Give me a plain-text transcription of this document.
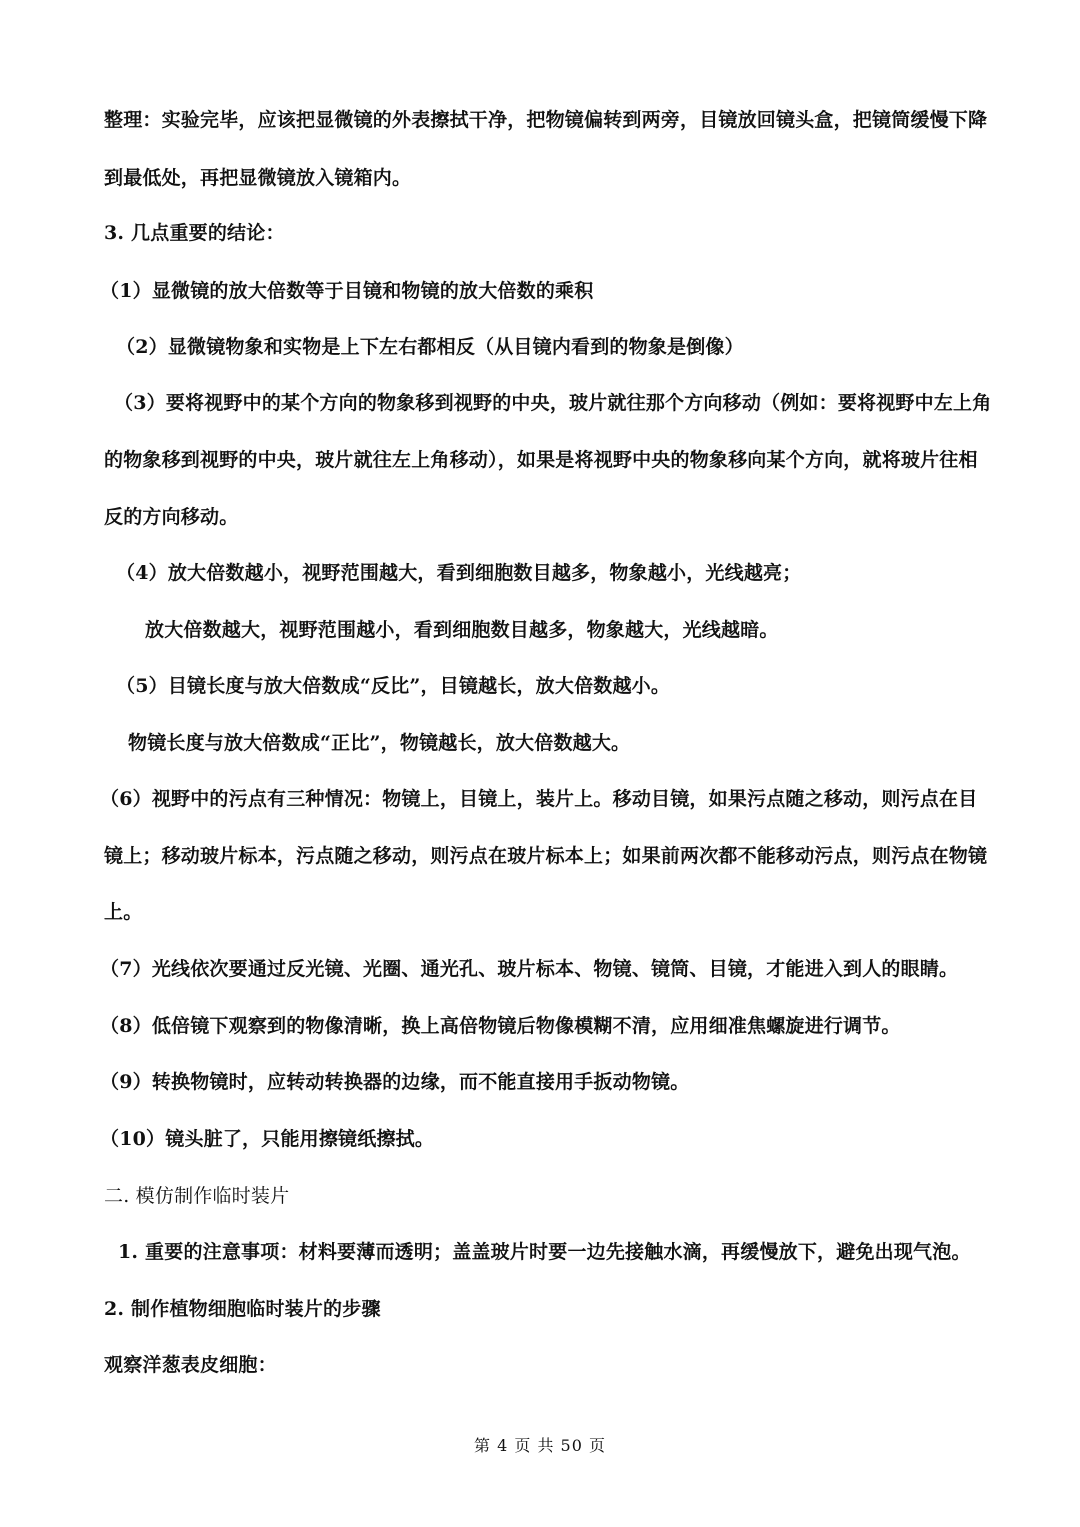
整理：实验完毕，应该把显微镜的外表擦拭干净，把物镜偏转到两旁，目镜放回镜头盒，把镜筒缓慢下降
到最低处，再把显微镜放入镜箱内。
3. 几点重要的结论：
（1）显微镜的放大倍数等于目镜和物镜的放大倍数的乘积
（2）显微镜物象和实物是上下左右都相反（从目镜内看到的物象是倒像）
（3）要将视野中的某个方向的物象移到视野的中央，玻片就往那个方向移动（例如：要将视野中左上角
的物象移到视野的中央，玻片就往左上角移动），如果是将视野中央的物象移向某个方向，就将玻片往相
反的方向移动。
（4）放大倍数越小，视野范围越大，看到细胞数目越多，物象越小，光线越亮；
放大倍数越大，视野范围越小，看到细胞数目越多，物象越大，光线越暗。
（5）目镜长度与放大倍数成“反比”，目镜越长，放大倍数越小。
物镜长度与放大倍数成“正比”，物镜越长，放大倍数越大。
（6）视野中的污点有三种情况：物镜上，目镜上，装片上。移动目镜，如果污点随之移动，则污点在目
镜上；移动玻片标本，污点随之移动，则污点在玻片标本上；如果前两次都不能移动污点，则污点在物镜
上。
（7）光线依次要通过反光镜、光圈、通光孔、玻片标本、物镜、镜筒、目镜，才能进入到人的眼睛。
（8）低倍镜下观察到的物像清晰，换上高倍物镜后物像模糊不清，应用细准焦螺旋进行调节。
（9）转换物镜时，应转动转换器的边缘，而不能直接用手扳动物镜。
（10）镜头脏了，只能用擦镜纸擦拭。
二. 模仿制作临时装片
1. 重要的注意事项：材料要薄而透明；盖盖玻片时要一边先接触水滴，再缓慢放下，避免出现气泡。
2. 制作植物细胞临时装片的步骤
观察洋葱表皮细胞：
第 4 页 共 50 页
